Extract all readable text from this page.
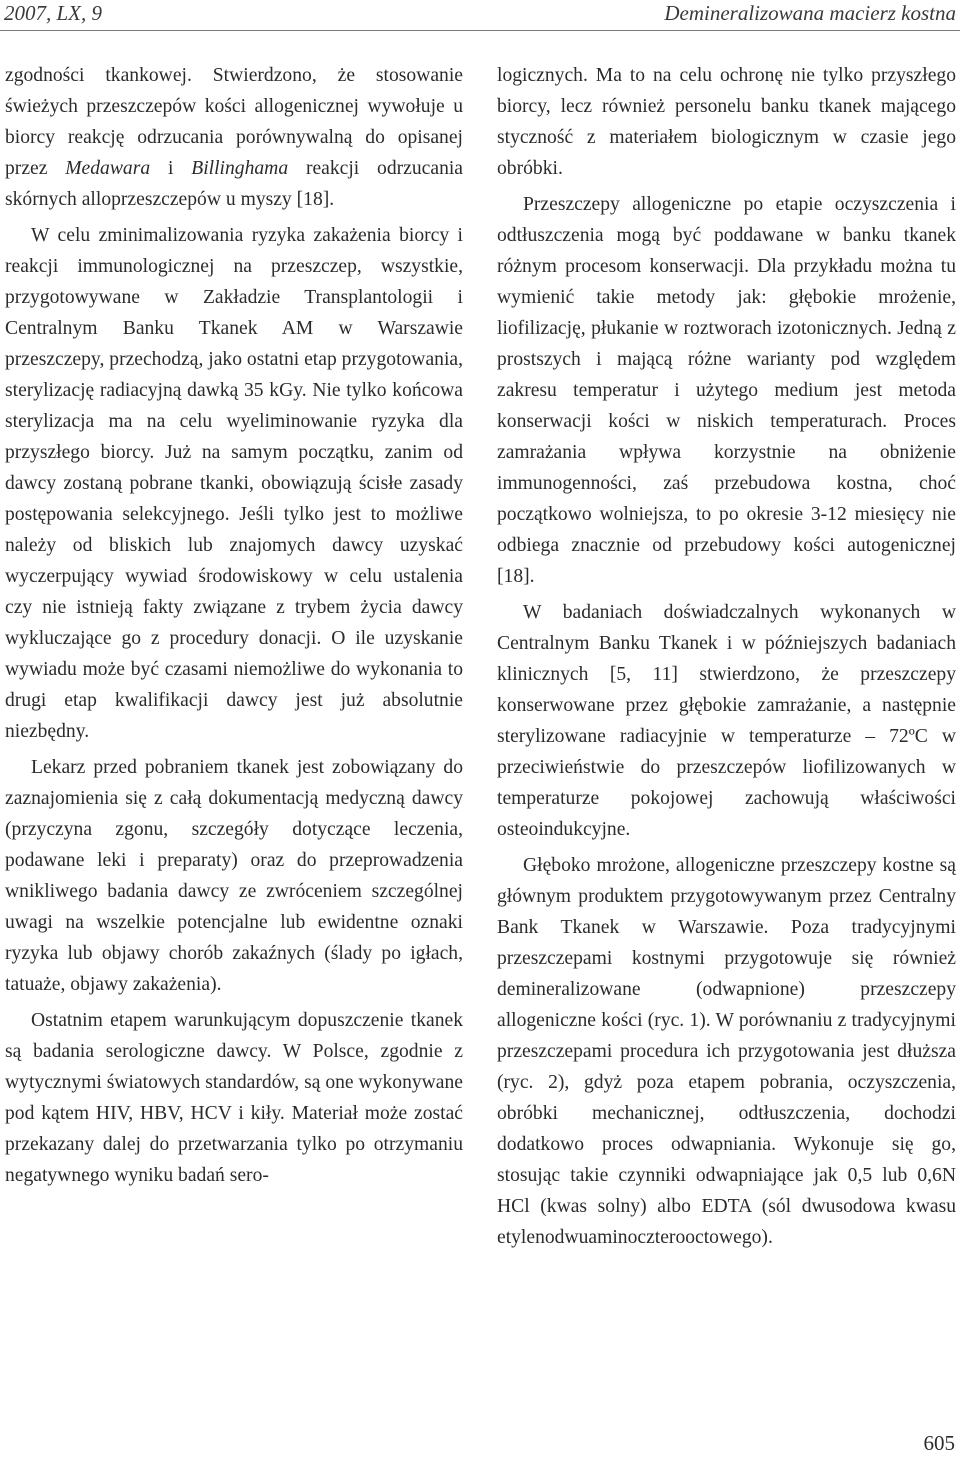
2007, LX, 9	Demineralizowana macierz kostna

zgodności tkankowej. Stwierdzono, że stosowanie świeżych przeszczepów kości allogenicznej wywołuje u biorcy reakcję odrzucania porównywalną do opisanej przez Medawara i Billinghama reakcji odrzucania skórnych alloprzeszczepów u myszy [18].

W celu zminimalizowania ryzyka zakażenia biorcy i reakcji immunologicznej na przeszczep, wszystkie, przygotowywane w Zakładzie Transplantologii i Centralnym Banku Tkanek AM w Warszawie przeszczepy, przechodzą, jako ostatni etap przygotowania, sterylizację radiacyjną dawką 35 kGy. Nie tylko końcowa sterylizacja ma na celu wyeliminowanie ryzyka dla przyszłego biorcy. Już na samym początku, zanim od dawcy zostaną pobrane tkanki, obowiązują ścisłe zasady postępowania selekcyjnego. Jeśli tylko jest to możliwe należy od bliskich lub znajomych dawcy uzyskać wyczerpujący wywiad środowiskowy w celu ustalenia czy nie istnieją fakty związane z trybem życia dawcy wykluczające go z procedury donacji. O ile uzyskanie wywiadu może być czasami niemożliwe do wykonania to drugi etap kwalifikacji dawcy jest już absolutnie niezbędny.

Lekarz przed pobraniem tkanek jest zobowiązany do zaznajomienia się z całą dokumentacją medyczną dawcy (przyczyna zgonu, szczegóły dotyczące leczenia, podawane leki i preparaty) oraz do przeprowadzenia wnikliwego badania dawcy ze zwróceniem szczególnej uwagi na wszelkie potencjalne lub ewidentne oznaki ryzyka lub objawy chorób zakaźnych (ślady po igłach, tatuaże, objawy zakażenia).

Ostatnim etapem warunkującym dopuszczenie tkanek są badania serologiczne dawcy. W Polsce, zgodnie z wytycznymi światowych standardów, są one wykonywane pod kątem HIV, HBV, HCV i kiły. Materiał może zostać przekazany dalej do przetwarzania tylko po otrzymaniu negatywnego wyniku badań sero-

logicznych. Ma to na celu ochronę nie tylko przyszłego biorcy, lecz również personelu banku tkanek mającego styczność z materiałem biologicznym w czasie jego obróbki.

Przeszczepy allogeniczne po etapie oczyszczenia i odtłuszczenia mogą być poddawane w banku tkanek różnym procesom konserwacji. Dla przykładu można tu wymienić takie metody jak: głębokie mrożenie, liofilizację, płukanie w roztworach izotonicznych. Jedną z prostszych i mającą różne warianty pod względem zakresu temperatur i użytego medium jest metoda konserwacji kości w niskich temperaturach. Proces zamrażania wpływa korzystnie na obniżenie immunogenności, zaś przebudowa kostna, choć początkowo wolniejsza, to po okresie 3-12 miesięcy nie odbiega znacznie od przebudowy kości autogenicznej [18].

W badaniach doświadczalnych wykonanych w Centralnym Banku Tkanek i w późniejszych badaniach klinicznych [5, 11] stwierdzono, że przeszczepy konserwowane przez głębokie zamrażanie, a następnie sterylizowane radiacyjnie w temperaturze – 72ºC w przeciwieństwie do przeszczepów liofilizowanych w temperaturze pokojowej zachowują właściwości osteoindukcyjne.

Głęboko mrożone, allogeniczne przeszczepy kostne są głównym produktem przygotowywanym przez Centralny Bank Tkanek w Warszawie. Poza tradycyjnymi przeszczepami kostnymi przygotowuje się również demineralizowane (odwapnione) przeszczepy allogeniczne kości (ryc. 1). W porównaniu z tradycyjnymi przeszczepami procedura ich przygotowania jest dłuższa (ryc. 2), gdyż poza etapem pobrania, oczyszczenia, obróbki mechanicznej, odtłuszczenia, dochodzi dodatkowo proces odwapniania. Wykonuje się go, stosując takie czynniki odwapniające jak 0,5 lub 0,6N HCl (kwas solny) albo EDTA (sól dwusodowa kwasu etylenodwuaminoczterooctowego).

605
